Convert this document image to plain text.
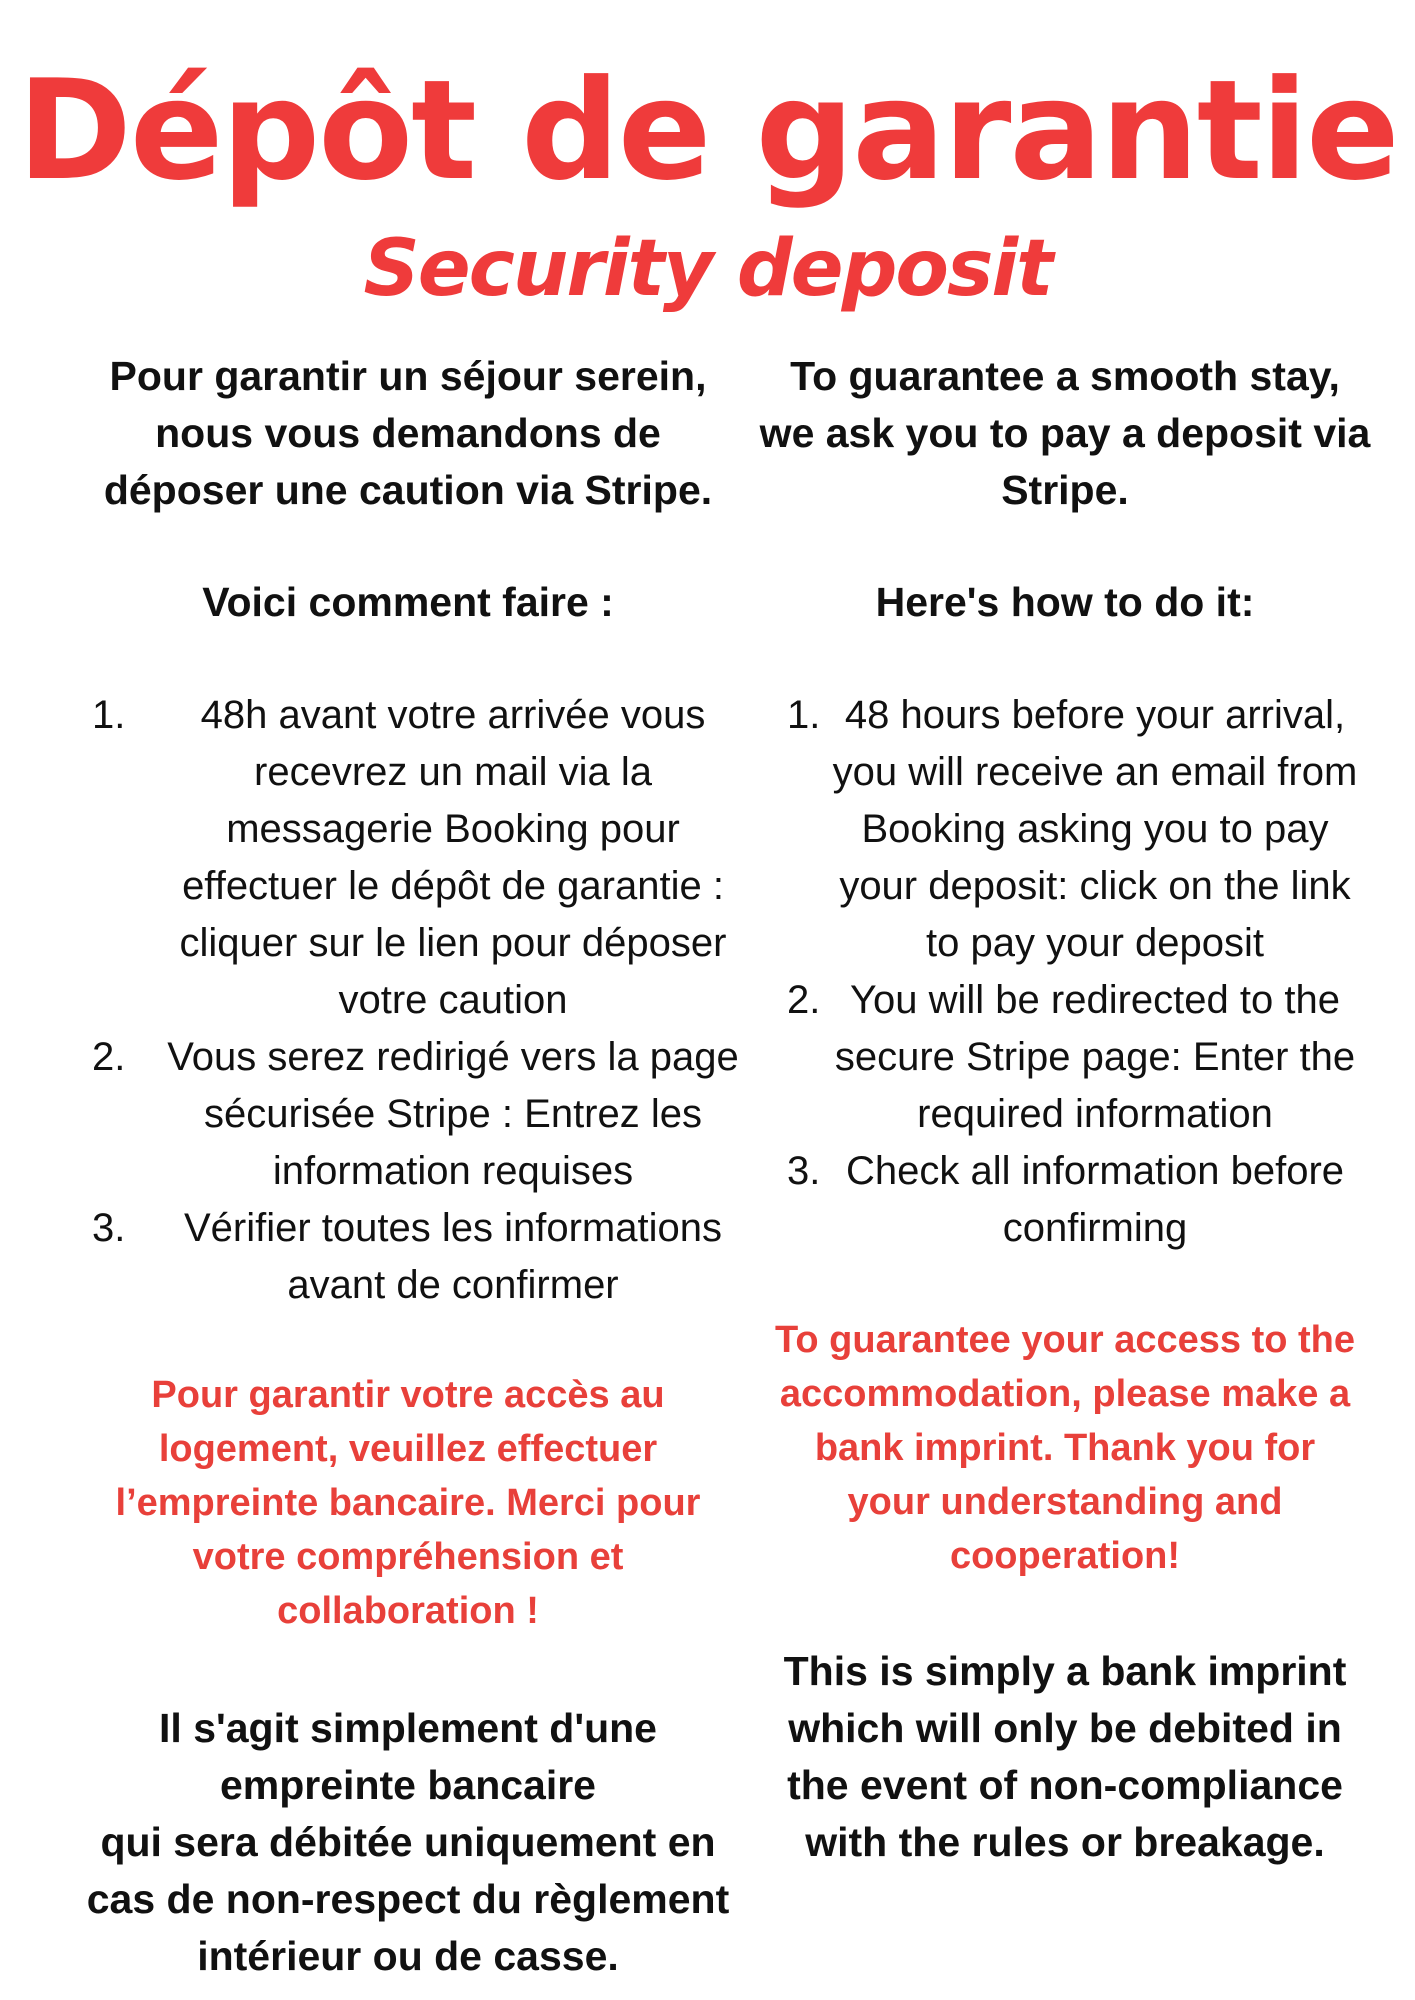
Dépôt de garantie
Security deposit
Pour garantir un séjour serein,
nous vous demandons de
déposer une caution via Stripe.
Voici comment faire :
1.	48h avant votre arrivée vous
recevrez un mail via la
messagerie Booking pour
effectuer le dépôt de garantie :
cliquer sur le lien pour déposer
votre caution
2. Vous serez redirigé vers la page
sécurisée Stripe : Entrez les
information requises
3.	Vérifier toutes les informations
avant de confirmer
Pour garantir votre accès au
logement, veuillez effectuer
l’empreinte bancaire. Merci pour
votre compréhension et
collaboration !
Il s'agit simplement d'une
empreinte bancaire
qui sera débitée uniquement en
cas de non-respect du règlement
intérieur ou de casse.
To guarantee a smooth stay,
we ask you to pay a deposit via
Stripe.
Here's how to do it:
1. 48 hours before your arrival,
you will receive an email from
Booking asking you to pay
your deposit: click on the link
to pay your deposit
2. You will be redirected to the
secure Stripe page: Enter the
required information
3. Check all information before
confirming
To guarantee your access to the
accommodation, please make a
bank imprint. Thank you for
your understanding and
cooperation!
This is simply a bank imprint
which will only be debited in
the event of non-compliance
with the rules or breakage.
